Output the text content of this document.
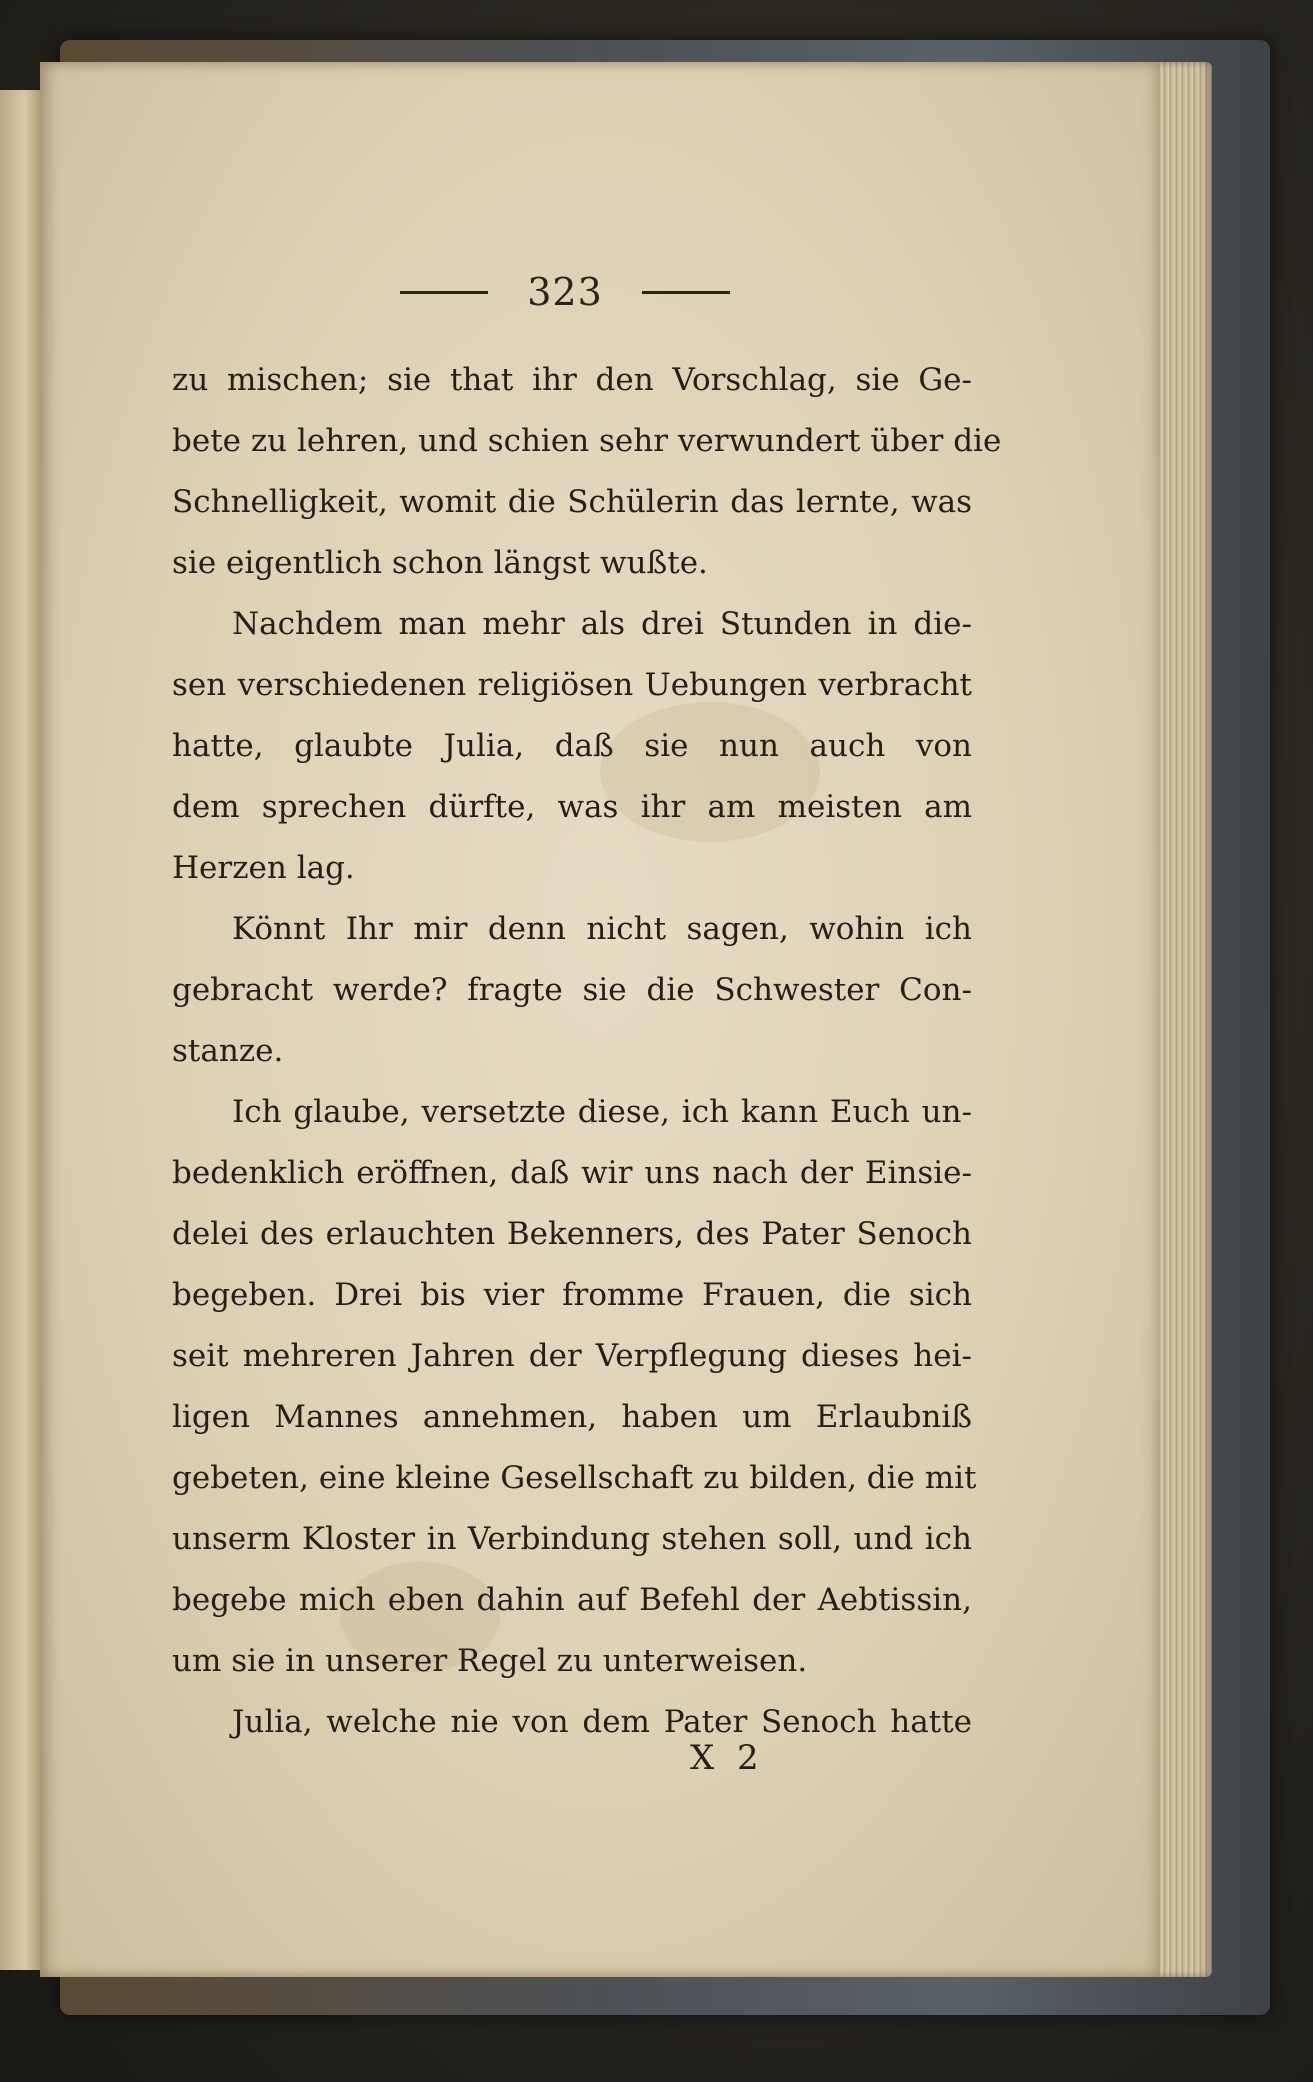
323
zu mischen; sie that ihr den Vorschlag, sie Ge-
bete zu lehren, und schien sehr verwundert über die
Schnelligkeit, womit die Schülerin das lernte, was
sie eigentlich schon längst wußte.
Nachdem man mehr als drei Stunden in die-
sen verschiedenen religiösen Uebungen verbracht
hatte, glaubte Julia, daß sie nun auch von
dem sprechen dürfte, was ihr am meisten am
Herzen lag.
Könnt Ihr mir denn nicht sagen, wohin ich
gebracht werde? fragte sie die Schwester Con-
stanze.
Ich glaube, versetzte diese, ich kann Euch un-
bedenklich eröffnen, daß wir uns nach der Einsie-
delei des erlauchten Bekenners, des Pater Senoch
begeben. Drei bis vier fromme Frauen, die sich
seit mehreren Jahren der Verpflegung dieses hei-
ligen Mannes annehmen, haben um Erlaubniß
gebeten, eine kleine Gesellschaft zu bilden, die mit
unserm Kloster in Verbindung stehen soll, und ich
begebe mich eben dahin auf Befehl der Aebtissin,
um sie in unserer Regel zu unterweisen.
Julia, welche nie von dem Pater Senoch hatte
X 2
